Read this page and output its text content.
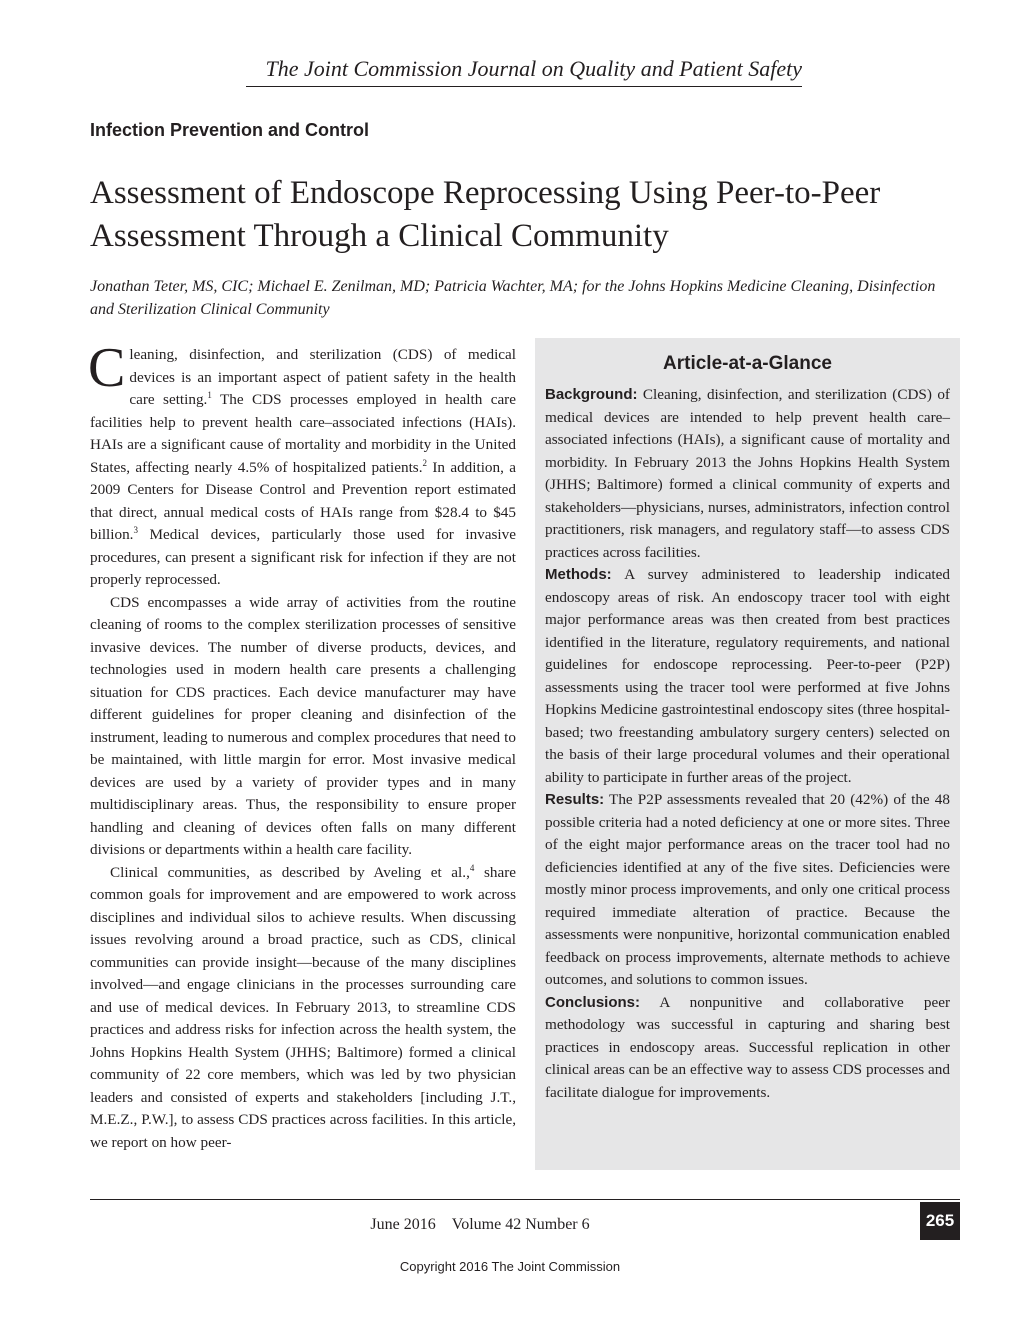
The Joint Commission Journal on Quality and Patient Safety
Infection Prevention and Control
Assessment of Endoscope Reprocessing Using Peer-to-Peer Assessment Through a Clinical Community
Jonathan Teter, MS, CIC; Michael E. Zenilman, MD; Patricia Wachter, MA; for the Johns Hopkins Medicine Cleaning, Disinfection and Sterilization Clinical Community

Cleaning, disinfection, and sterilization (CDS) of medical devices is an important aspect of patient safety in the health care setting.$^1$ The CDS processes employed in health care facilities help to prevent health care–associated infections (HAIs). HAIs are a significant cause of mortality and morbidity in the United States, affecting nearly 4.5% of hospitalized patients.$^2$ In addition, a 2009 Centers for Disease Control and Prevention report estimated that direct, annual medical costs of HAIs range from $28.4 to $45 billion.$^3$ Medical devices, particularly those used for invasive procedures, can present a significant risk for infection if they are not properly reprocessed.

CDS encompasses a wide array of activities from the routine cleaning of rooms to the complex sterilization processes of sensitive invasive devices. The number of diverse products, devices, and technologies used in modern health care presents a challenging situation for CDS practices. Each device manufacturer may have different guidelines for proper cleaning and disinfection of the instrument, leading to numerous and complex procedures that need to be maintained, with little margin for error. Most invasive medical devices are used by a variety of provider types and in many multidisciplinary areas. Thus, the responsibility to ensure proper handling and cleaning of devices often falls on many different divisions or departments within a health care facility.

Clinical communities, as described by Aveling et al.,$^4$ share common goals for improvement and are empowered to work across disciplines and individual silos to achieve results. When discussing issues revolving around a broad practice, such as CDS, clinical communities can provide insight—because of the many disciplines involved—and engage clinicians in the processes surrounding care and use of medical devices. In February 2013, to streamline CDS practices and address risks for infection across the health system, the Johns Hopkins Health System (JHHS; Baltimore) formed a clinical community of 22 core members, which was led by two physician leaders and consisted of experts and stakeholders [including J.T., M.E.Z., P.W.], to assess CDS practices across facilities. In this article, we report on how peer-

Article-at-a-Glance

Background: Cleaning, disinfection, and sterilization (CDS) of medical devices are intended to help prevent health care–associated infections (HAIs), a significant cause of mortality and morbidity. In February 2013 the Johns Hopkins Health System (JHHS; Baltimore) formed a clinical community of experts and stakeholders—physicians, nurses, administrators, infection control practitioners, risk managers, and regulatory staff—to assess CDS practices across facilities.

Methods: A survey administered to leadership indicated endoscopy areas of risk. An endoscopy tracer tool with eight major performance areas was then created from best practices identified in the literature, regulatory requirements, and national guidelines for endoscope reprocessing. Peer-to-peer (P2P) assessments using the tracer tool were performed at five Johns Hopkins Medicine gastrointestinal endoscopy sites (three hospital-based; two freestanding ambulatory surgery centers) selected on the basis of their large procedural volumes and their operational ability to participate in further areas of the project.

Results: The P2P assessments revealed that 20 (42%) of the 48 possible criteria had a noted deficiency at one or more sites. Three of the eight major performance areas on the tracer tool had no deficiencies identified at any of the five sites. Deficiencies were mostly minor process improvements, and only one critical process required immediate alteration of practice. Because the assessments were nonpunitive, horizontal communication enabled feedback on process improvements, alternate methods to achieve outcomes, and solutions to common issues.

Conclusions: A nonpunitive and collaborative peer methodology was successful in capturing and sharing best practices in endoscopy areas. Successful replication in other clinical areas can be an effective way to assess CDS processes and facilitate dialogue for improvements.

June 2016 Volume 42 Number 6	265
Copyright 2016 The Joint Commission
